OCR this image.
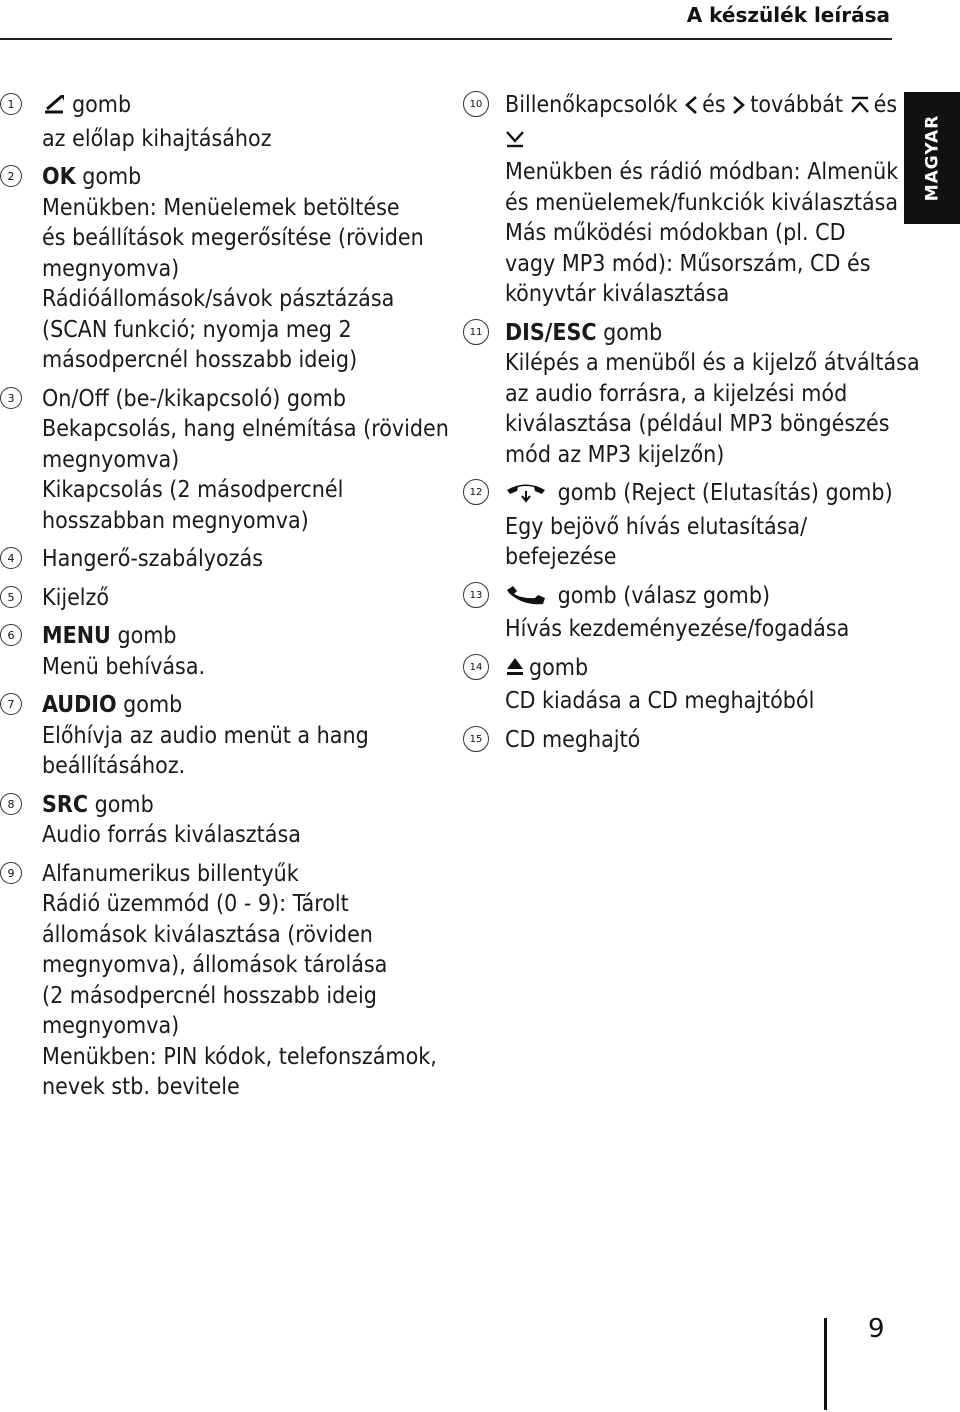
A készülék leírása
MAGYAR
1	gomb
az előlap kihajtásához
2	OK gomb
Menükben: Menüelemek betöltése
és beállítások megerősítése (röviden
megnyomva)
Rádióállomások/sávok pásztázása
(SCAN funkció; nyomja meg 2
másodpercnél hosszabb ideig)
3	On/Off (be-/kikapcsoló) gomb
Bekapcsolás, hang elnémítása (röviden
megnyomva)
Kikapcsolás (2 másodpercnél
hosszabban megnyomva)
4	Hangerő-szabályozás
5	Kijelző
6	MENU gomb
Menü behívása.
7	AUDIO gomb
Előhívja az audio menüt a hang
beállításához.
8	SRC gomb
Audio forrás kiválasztása
9	Alfanumerikus billentyűk
Rádió üzemmód (0 - 9): Tárolt
állomások kiválasztása (röviden
megnyomva), állomások tárolása
(2 másodpercnél hosszabb ideig
megnyomva)
Menükben: PIN kódok, telefonszámok,
nevek stb. bevitele
10 Billenőkapcsolók és továbbát és
Menükben és rádió módban: Almenük
és menüelemek/funkciók kiválasztása
Más működési módokban (pl. CD
vagy MP3 mód): Műsorszám, CD és
könyvtár kiválasztása
11 DIS/ESC gomb
Kilépés a menüből és a kijelző átváltása
az audio forrásra, a kijelzési mód
kiválasztása (például MP3 böngészés
mód az MP3 kijelzőn)
12	gomb (Reject (Elutasítás) gomb)
Egy bejövő hívás elutasítása/
befejezése
13	gomb (válasz gomb)
Hívás kezdeményezése/fogadása
14	gomb
CD kiadása a CD meghajtóból
15 CD meghajtó
9
